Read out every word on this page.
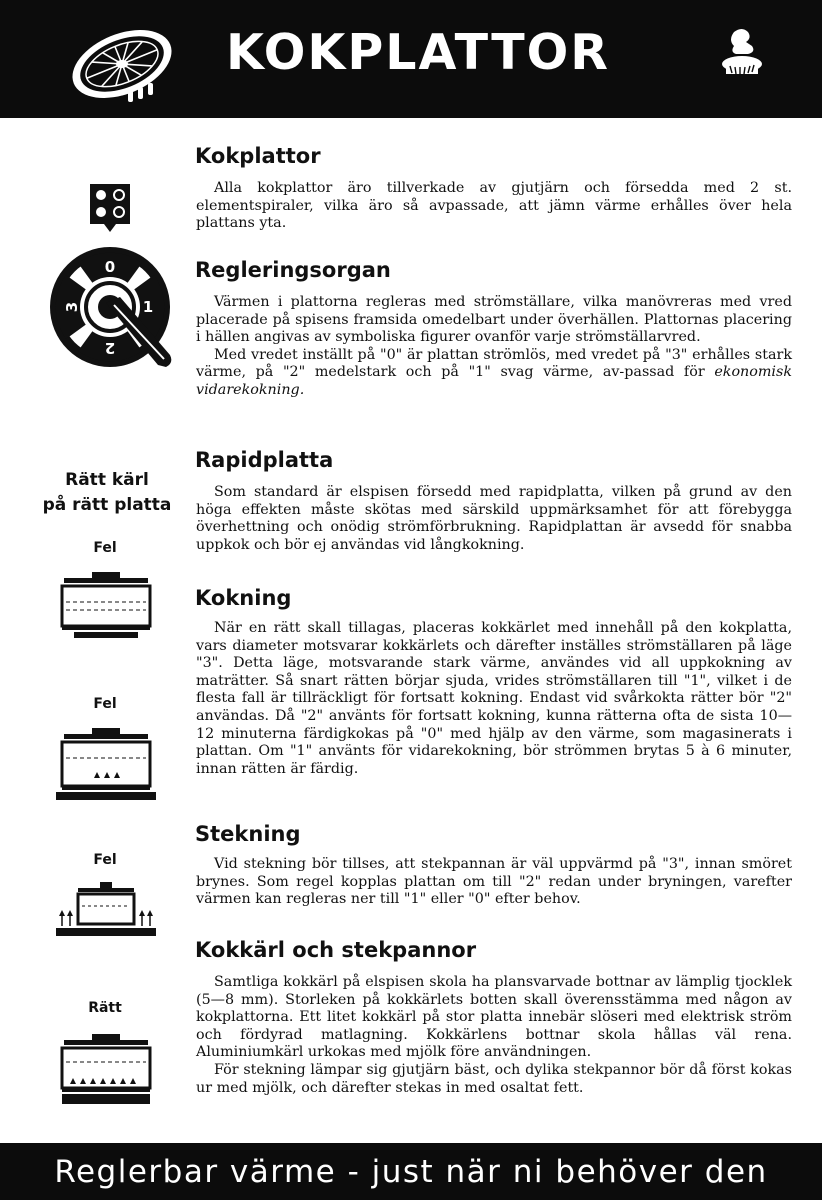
KOKPLATTOR
0
1
2
3
Rätt kärl
på rätt platta
Fel
Fel
Fel
Rätt
Kokplattor

Alla kokplattor äro tillverkade av gjutjärn och försedda med 2 st. elementspiraler, vilka äro så avpassade, att jämn värme erhålles över hela plattans yta.

Regleringsorgan

Värmen i plattorna regleras med strömställare, vilka manövreras med vred placerade på spisens framsida omedelbart under överhällen. Plattornas placering i hällen angivas av symboliska figurer ovanför varje strömställarvred.

Med vredet inställt på "0" är plattan strömlös, med vredet på "3" erhålles stark värme, på "2" medelstark och på "1" svag värme, av-passad för ekonomisk vidarekokning.

Rapidplatta

Som standard är elspisen försedd med rapidplatta, vilken på grund av den höga effekten måste skötas med särskild uppmärksamhet för att förebygga överhettning och onödig strömförbrukning. Rapidplattan är avsedd för snabba uppkok och bör ej användas vid långkokning.

Kokning

När en rätt skall tillagas, placeras kokkärlet med innehåll på den kokplatta, vars diameter motsvarar kokkärlets och därefter inställes strömställaren på läge "3". Detta läge, motsvarande stark värme, användes vid all uppkokning av maträtter. Så snart rätten börjar sjuda, vrides strömställaren till "1", vilket i de flesta fall är tillräckligt för fortsatt kokning. Endast vid svårkokta rätter bör "2" användas. Då "2" använts för fortsatt kokning, kunna rätterna ofta de sista 10—12 minuterna färdigkokas på "0" med hjälp av den värme, som magasinerats i plattan. Om "1" använts för vidarekokning, bör strömmen brytas 5 à 6 minuter, innan rätten är färdig.

Stekning

Vid stekning bör tillses, att stekpannan är väl uppvärmd på "3", innan smöret brynes. Som regel kopplas plattan om till "2" redan under bryningen, varefter värmen kan regleras ner till "1" eller "0" efter behov.

Kokkärl och stekpannor

Samtliga kokkärl på elspisen skola ha plansvarvade bottnar av lämplig tjocklek (5—8 mm). Storleken på kokkärlets botten skall överensstämma med någon av kokplattorna. Ett litet kokkärl på stor platta innebär slöseri med elektrisk ström och fördyrad matlagning. Kokkärlens bottnar skola hållas väl rena. Aluminiumkärl urkokas med mjölk före användningen.

För stekning lämpar sig gjutjärn bäst, och dylika stekpannor bör då först kokas ur med mjölk, och därefter stekas in med osaltat fett.

Reglerbar värme - just när ni behöver den
